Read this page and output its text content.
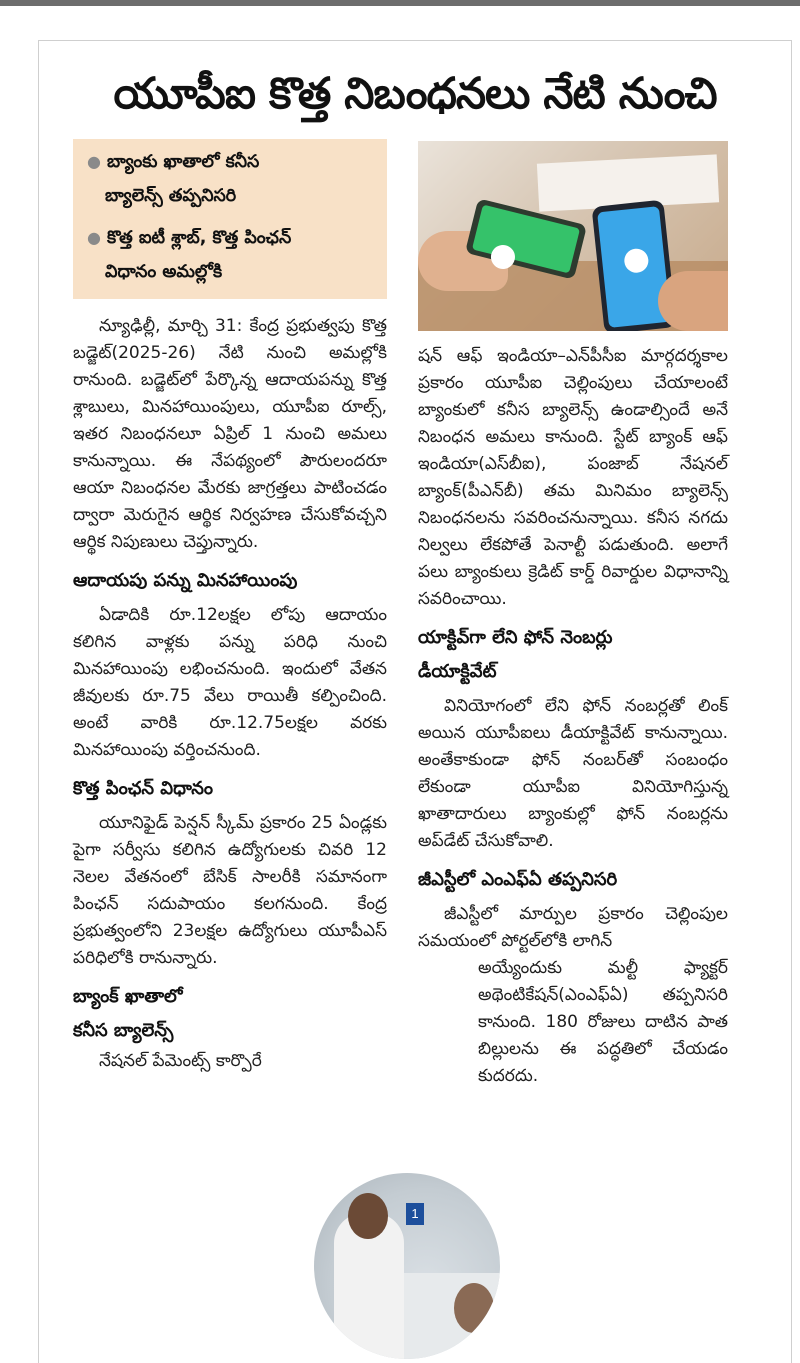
యూపీఐ కొత్త నిబంధనలు నేటి నుంచి
● బ్యాంకు ఖాతాలో కనీస
బ్యాలెన్స్ తప్పనిసరి
● కొత్త ఐటీ శ్లాబ్, కొత్త పింఛన్
విధానం అమల్లోకి

న్యూఢిల్లీ, మార్చి 31: కేంద్ర ప్రభుత్వపు కొత్త బడ్జెట్(2025-26) నేటి నుంచి అమల్లోకి రానుంది. బడ్జెట్‌లో పేర్కొన్న ఆదాయపన్ను కొత్త శ్లాబులు, మినహాయింపులు, యూపీఐ రూల్స్, ఇతర నిబంధనలూ ఏప్రిల్ 1 నుంచి అమలు కానున్నాయి. ఈ నేపథ్యంలో పౌరులందరూ ఆయా నిబంధనల మేరకు జాగ్రత్తలు పాటించడం ద్వారా మెరుగైన ఆర్థిక నిర్వహణ చేసుకోవచ్చని ఆర్థిక నిపుణులు చెప్తున్నారు.

ఆదాయపు పన్ను మినహాయింపు

ఏడాదికి రూ.12లక్షల లోపు ఆదాయం కలిగిన వాళ్లకు పన్ను పరిధి నుంచి మినహాయింపు లభించనుంది. ఇందులో వేతన జీవులకు రూ.75 వేలు రాయితీ కల్పించింది. అంటే వారికి రూ.12.75లక్షల వరకు మినహాయింపు వర్తించనుంది.

కొత్త పింఛన్ విధానం

యూనిఫైడ్ పెన్షన్ స్కీమ్ ప్రకారం 25 ఏండ్లకు పైగా సర్వీసు కలిగిన ఉద్యోగులకు చివరి 12 నెలల వేతనంలో బేసిక్ సాలరీకి సమానంగా పింఛన్ సదుపాయం కలగనుంది. కేంద్ర ప్రభుత్వంలోని 23లక్షల ఉద్యోగులు యూపీఎస్ పరిధిలోకి రానున్నారు.

బ్యాంక్ ఖాతాలో
కనీస బ్యాలెన్స్

నేషనల్ పేమెంట్స్ కార్పొరే

షన్ ఆఫ్ ఇండియా–ఎన్‌పీసీఐ మార్గదర్శకాల ప్రకారం యూపీఐ చెల్లింపులు చేయాలంటే బ్యాంకులో కనీస బ్యాలెన్స్ ఉండాల్సిందే అనే నిబంధన అమలు కానుంది. స్టేట్ బ్యాంక్ ఆఫ్ ఇండియా(ఎస్‌బీఐ), పంజాబ్ నేషనల్ బ్యాంక్(పీఎన్‌బీ) తమ మినిమం బ్యాలెన్స్ నిబంధనలను సవరించనున్నాయి. కనీస నగదు నిల్వలు లేకపోతే పెనాల్టీ పడుతుంది. అలాగే పలు బ్యాంకులు క్రెడిట్ కార్డ్ రివార్డుల విధానాన్ని సవరించాయి.

యాక్టివ్‌గా లేని ఫోన్ నెంబర్లు
డీయాక్టివేట్

వినియోగంలో లేని ఫోన్ నంబర్లతో లింక్ అయిన యూపీఐలు డీయాక్టివేట్ కానున్నాయి. అంతేకాకుండా ఫోన్ నంబర్‌తో సంబంధం లేకుండా యూపీఐ వినియోగిస్తున్న ఖాతాదారులు బ్యాంకుల్లో ఫోన్ నంబర్లను అప్‌డేట్ చేసుకోవాలి.

జీఎస్టీలో ఎంఎఫ్ఏ తప్పనిసరి

జీఎస్టీలో మార్పుల ప్రకారం చెల్లింపుల సమయంలో పోర్టల్‌లోకి లాగిన్

అయ్యేందుకు మల్టీ ఫ్యాక్టర్ అథెంటికేషన్(ఎంఎఫ్ఏ) తప్పనిసరి కానుంది. 180 రోజులు దాటిన పాత బిల్లులను ఈ పద్ధతిలో చేయడం కుదరదు.

1
